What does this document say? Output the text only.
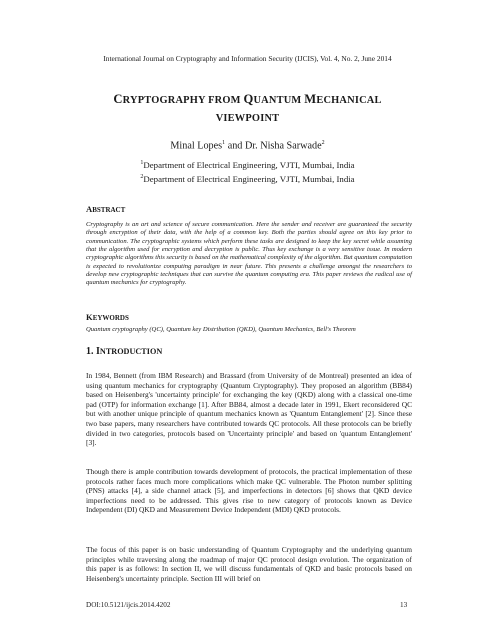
International Journal on Cryptography and Information Security (IJCIS), Vol. 4, No. 2, June 2014
CRYPTOGRAPHY FROM QUANTUM MECHANICAL
VIEWPOINT
Minal Lopes$^1$ and Dr. Nisha Sarwade$^2$
$^1$Department of Electrical Engineering, VJTI, Mumbai, India
$^2$Department of Electrical Engineering, VJTI, Mumbai, India
ABSTRACT
Cryptography is an art and science of secure communication. Here the sender and receiver are guaranteed the security through encryption of their data, with the help of a common key. Both the parties should agree on this key prior to communication. The cryptographic systems which perform these tasks are designed to keep the key secret while assuming that the algorithm used for encryption and decryption is public. Thus key exchange is a very sensitive issue. In modern cryptographic algorithms this security is based on the mathematical complexity of the algorithm. But quantum computation is expected to revolutionize computing paradigm in near future. This presents a challenge amongst the researchers to develop new cryptographic techniques that can survive the quantum computing era. This paper reviews the radical use of quantum mechanics for cryptography.
KEYWORDS
Quantum cryptography (QC), Quantum key Distribution (QKD), Quantum Mechanics, Bell's Theorem
1. INTRODUCTION
In 1984, Bennett (from IBM Research) and Brassard (from University of de Montreal) presented an idea of using quantum mechanics for cryptography (Quantum Cryptography). They proposed an algorithm (BB84) based on Heisenberg's 'uncertainty principle' for exchanging the key (QKD) along with a classical one-time pad (OTP) for information exchange [1]. After BB84, almost a decade later in 1991, Ekert reconsidered QC but with another unique principle of quantum mechanics known as 'Quantum Entanglement' [2]. Since these two base papers, many researchers have contributed towards QC protocols. All these protocols can be briefly divided in two categories, protocols based on 'Uncertainty principle' and based on 'quantum Entanglement' [3].
Though there is ample contribution towards development of protocols, the practical implementation of these protocols rather faces much more complications which make QC vulnerable. The Photon number splitting (PNS) attacks [4], a side channel attack [5], and imperfections in detectors [6] shows that QKD device imperfections need to be addressed. This gives rise to new category of protocols known as Device Independent (DI) QKD and Measurement Device Independent (MDI) QKD protocols.
The focus of this paper is on basic understanding of Quantum Cryptography and the underlying quantum principles while traversing along the roadmap of major QC protocol design evolution. The organization of this paper is as follows: In section II, we will discuss fundamentals of QKD and basic protocols based on Heisenberg's uncertainty principle. Section III will brief on
DOI:10.5121/ijcis.2014.4202	13
